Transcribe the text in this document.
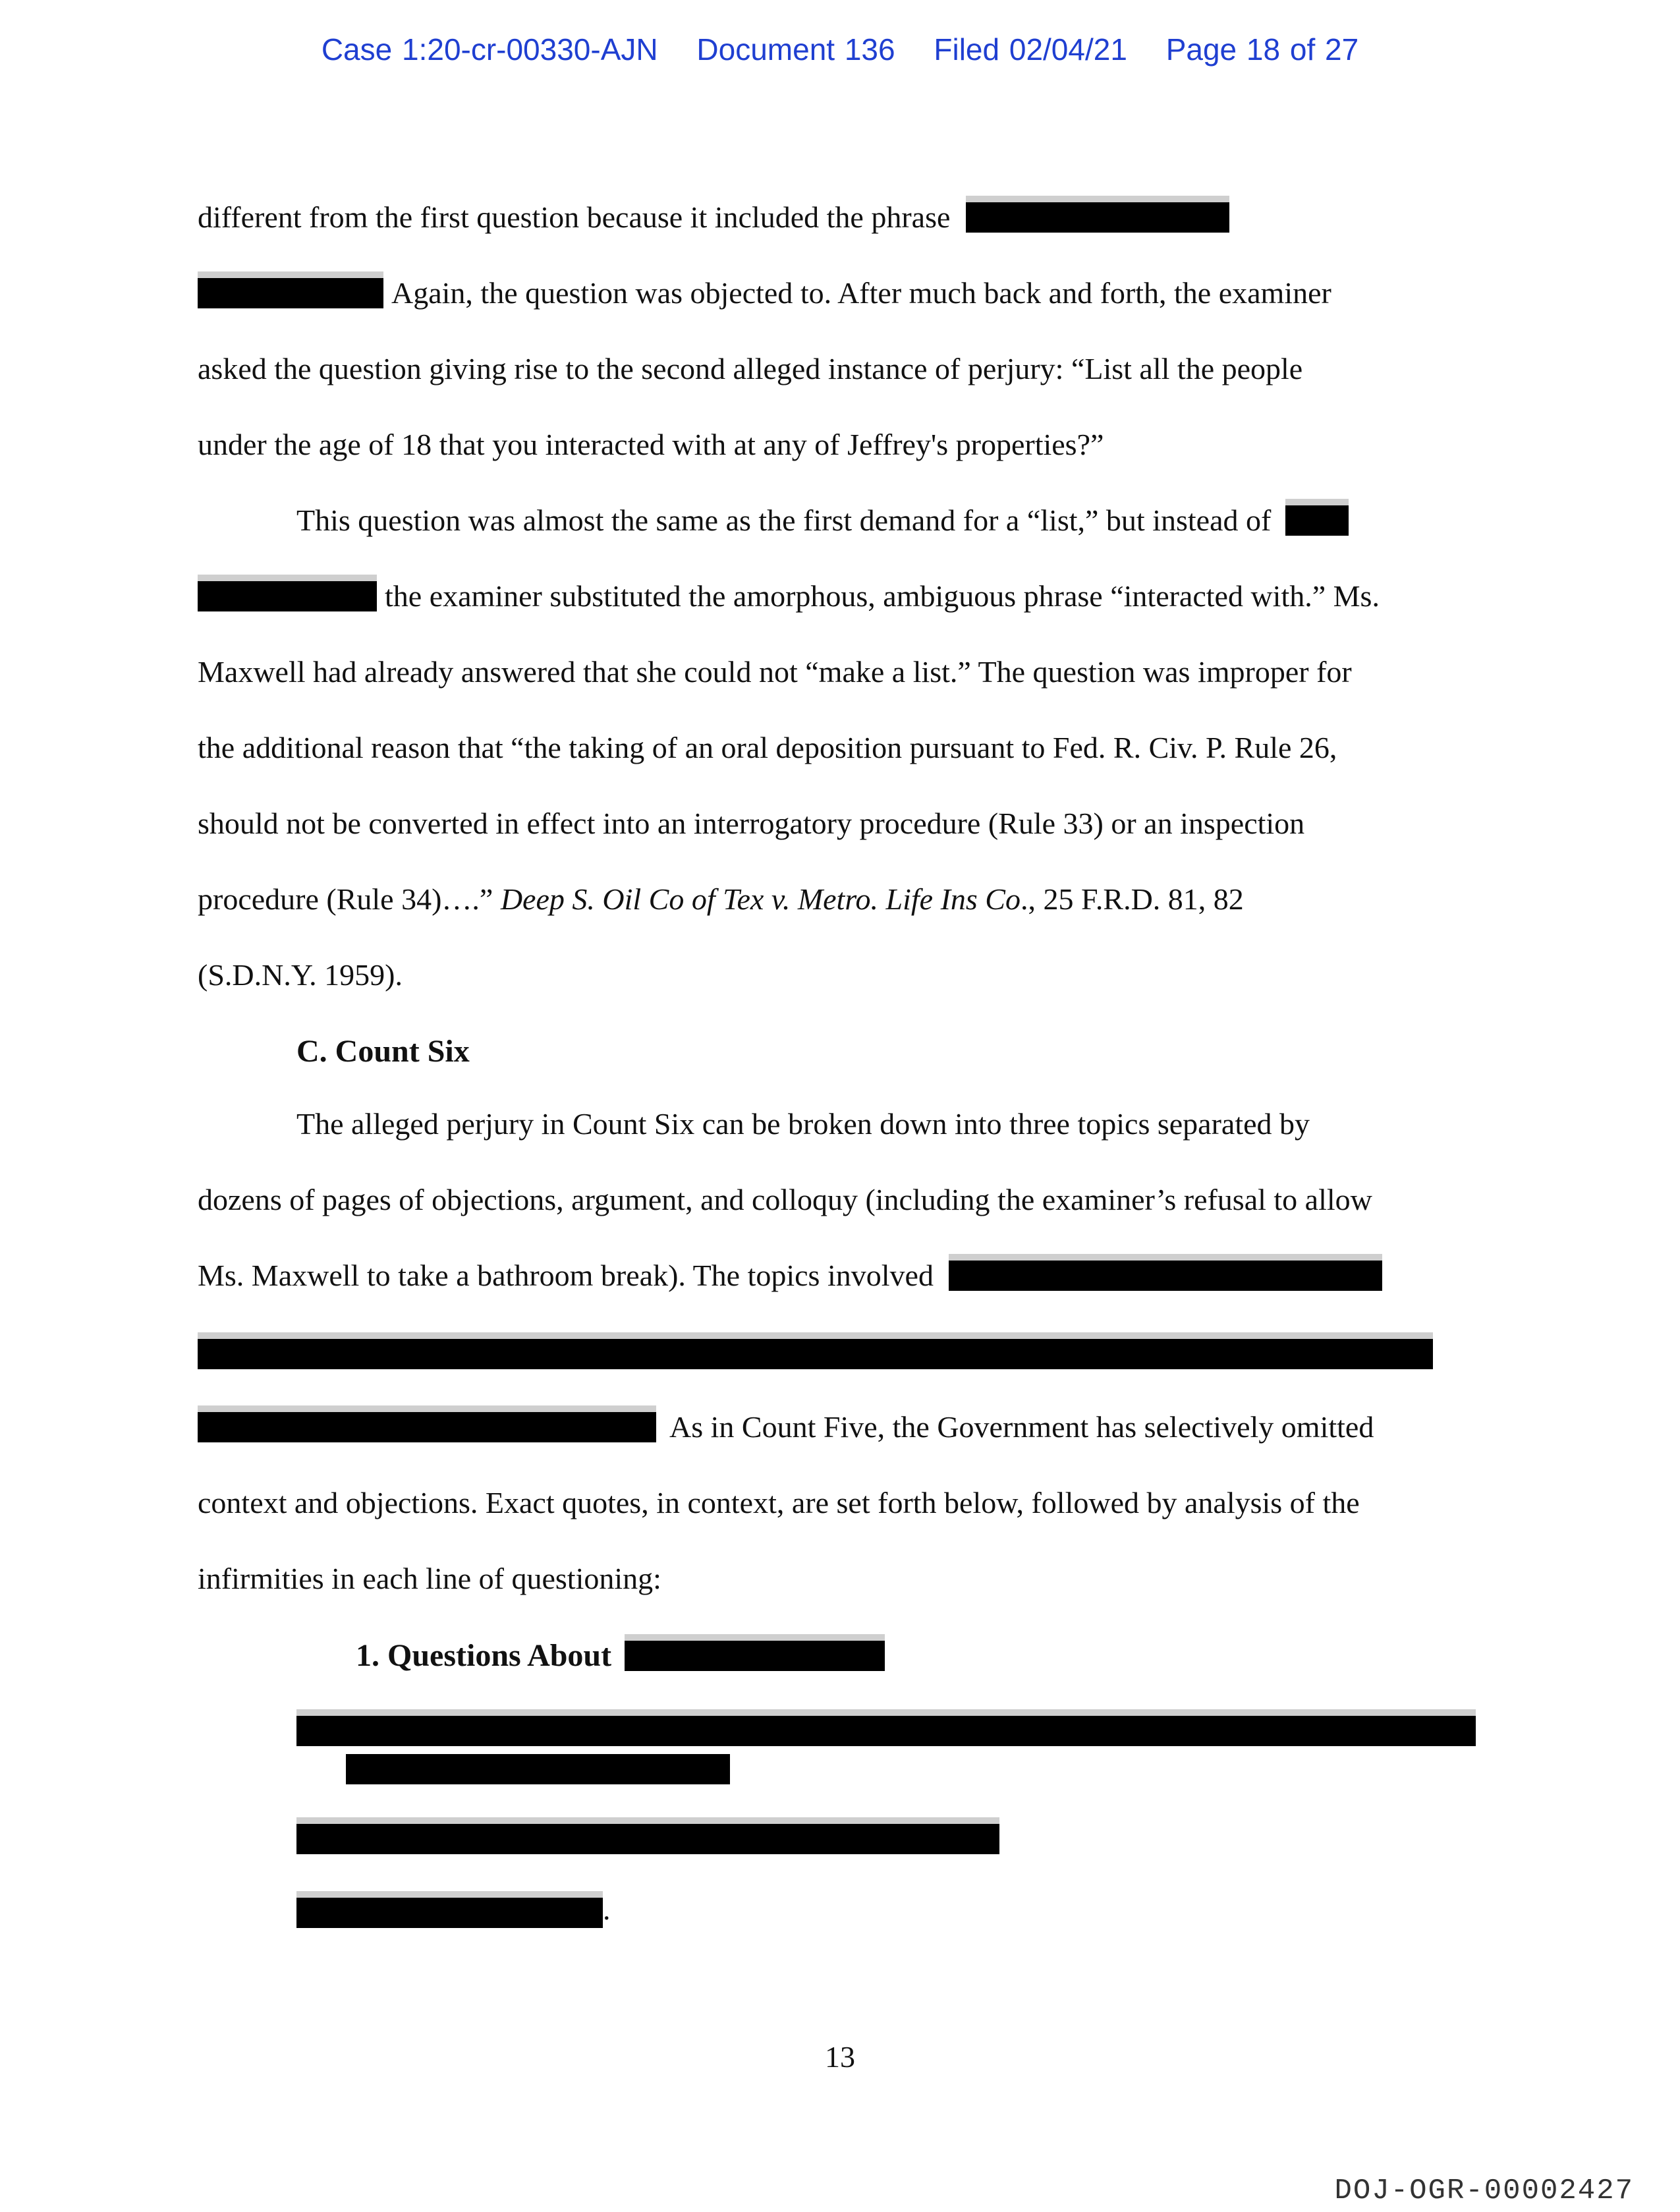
Case 1:20-cr-00330-AJN Document 136 Filed 02/04/21 Page 18 of 27
different from the first question because it included the phrase
Again, the question was objected to. After much back and forth, the examiner
asked the question giving rise to the second alleged instance of perjury: “List all the people
under the age of 18 that you interacted with at any of Jeffrey's properties?”
This question was almost the same as the first demand for a “list,” but instead of
the examiner substituted the amorphous, ambiguous phrase “interacted with.” Ms.
Maxwell had already answered that she could not “make a list.” The question was improper for
the additional reason that “the taking of an oral deposition pursuant to Fed. R. Civ. P. Rule 26,
should not be converted in effect into an interrogatory procedure (Rule 33) or an inspection
procedure (Rule 34)….” Deep S. Oil Co of Tex v. Metro. Life Ins Co., 25 F.R.D. 81, 82
(S.D.N.Y. 1959).
C. Count Six
The alleged perjury in Count Six can be broken down into three topics separated by
dozens of pages of objections, argument, and colloquy (including the examiner’s refusal to allow
Ms. Maxwell to take a bathroom break). The topics involved
As in Count Five, the Government has selectively omitted
context and objections. Exact quotes, in context, are set forth below, followed by analysis of the
infirmities in each line of questioning:
1. Questions About
.
13
DOJ-OGR-00002427
